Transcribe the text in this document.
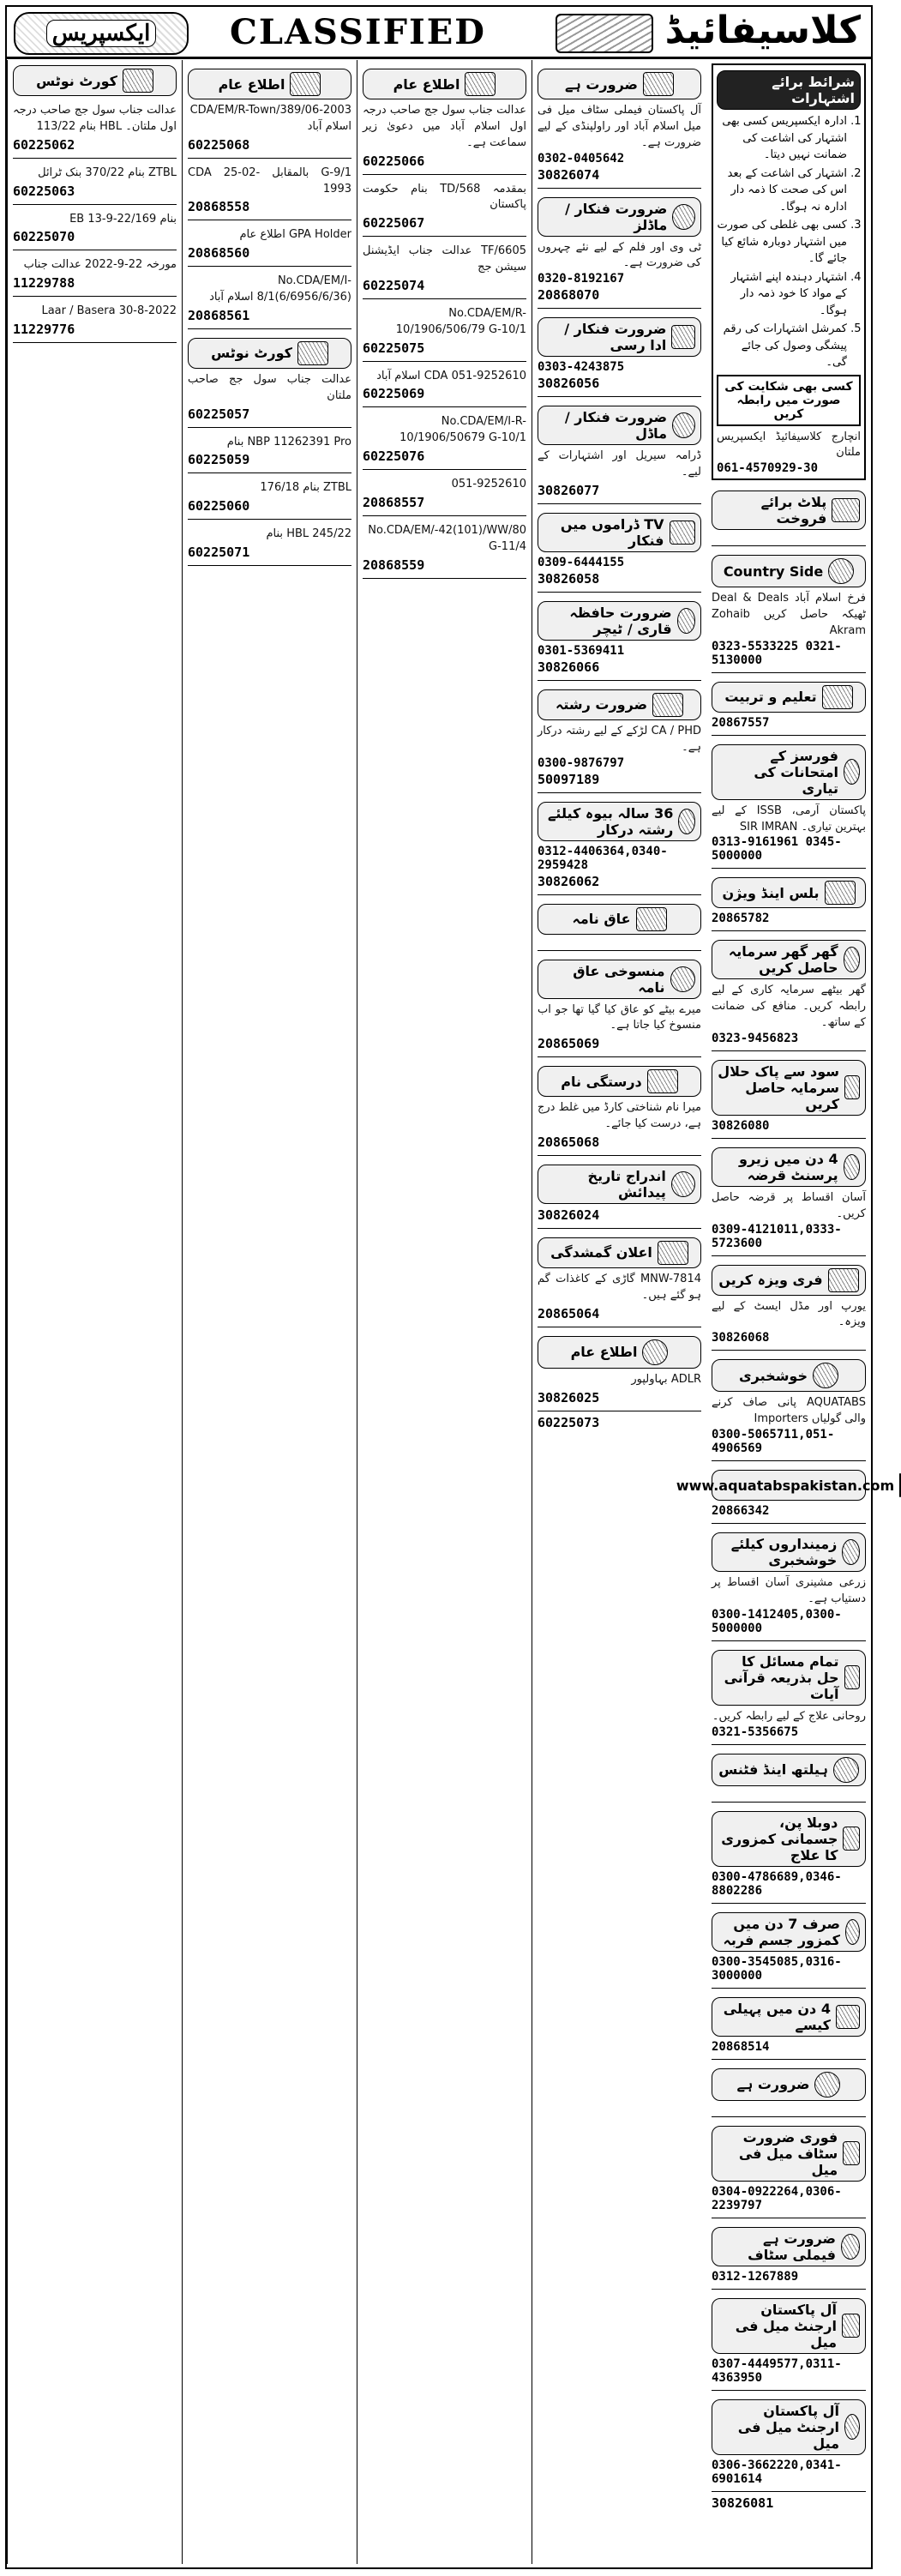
ایکسپریس CLASSIFIED	کلاسیفائیڈ
شرائط برائے اشتہارات
1. ادارہ ایکسپریس کسی بھی اشتہار کی اشاعت کی ضمانت نہیں دیتا۔
2. اشتہار کی اشاعت کے بعد اس کی صحت کا ذمہ دار ادارہ نہ ہوگا۔
3. کسی بھی غلطی کی صورت میں اشتہار دوبارہ شائع کیا جائے گا۔
4. اشتہار دہندہ اپنے اشتہار کے مواد کا خود ذمہ دار ہوگا۔
5. کمرشل اشتہارات کی رقم پیشگی وصول کی جائے گی۔
کسی بھی شکایت کی صورت میں رابطہ کریں
انچارج کلاسیفائیڈ ایکسپریس ملتان
061-4570929-30
پلاٹ برائے فروخت
Country Side
فرخ اسلام آباد Deal & Deals ٹھیکہ حاصل کریں Zohaib Akram
0323-5533225 0321-5130000
تعلیم و تربیت
20867557
فورسز کے امتحانات کی تیاری
پاکستان آرمی، ISSB کے لیے بہترین تیاری۔ SIR IMRAN
0313-9161961 0345-5000000
بلس اینڈ ویژن
20865782
گھر گھر سرمایہ حاصل کریں
گھر بیٹھے سرمایہ کاری کے لیے رابطہ کریں۔ منافع کی ضمانت کے ساتھ۔
0323-9456823
سود سے پاک حلال سرمایہ حاصل کریں
30826080
4 دن میں زیرو پرسنٹ قرضہ
آسان اقساط پر قرضہ حاصل کریں۔
0309-4121011,0333-5723600
فری ویزہ کریں
یورپ اور مڈل ایسٹ کے لیے ویزہ۔
30826068
خوشخبری
AQUATABS پانی صاف کرنے والی گولیاں Importers
0300-5065711,051-4906569
www.aquatabspakistan.com
20866342
زمینداروں کیلئے خوشخبری
زرعی مشینری آسان اقساط پر دستیاب ہے۔
0300-1412405,0300-5000000
تمام مسائل کا حل بذریعہ قرآنی آیات
روحانی علاج کے لیے رابطہ کریں۔
0321-5356675
ہیلتھ اینڈ فٹنس
دوبلا پن، جسمانی کمزوری کا علاج
0300-4786689,0346-8802286
صرف 7 دن میں کمزور جسم فربہ
0300-3545085,0316-3000000
4 دن میں پہیلی کیسے
20868514
ضرورت ہے
فوری ضرورت سٹاف میل فی میل
0304-0922264,0306-2239797
ضرورت ہے فیملی سٹاف
0312-1267889
آل پاکستان ارجنٹ میل فی میل
0307-4449577,0311-4363950
آل پاکستان ارجنٹ میل فی میل
0306-3662220,0341-6901614
30826081
ضرورت ہے
آل پاکستان فیملی سٹاف میل فی میل اسلام آباد اور راولپنڈی کے لیے ضرورت ہے۔
0302-0405642
30826074
ضرورت فنکار / ماڈلز
ٹی وی اور فلم کے لیے نئے چہروں کی ضرورت ہے۔
0320-8192167
20868070
ضرورت فنکار / ادا رسی
0303-4243875
30826056
ضرورت فنکار / ماڈل
ڈرامہ سیریل اور اشتہارات کے لیے۔
30826077
TV ڈراموں میں فنکار
0309-6444155
30826058
ضرورت حافظہ قاری / ٹیچر
0301-5369411
30826066
ضرورت رشتہ
CA / PHD لڑکے کے لیے رشتہ درکار ہے۔
0300-9876797
50097189
36 سالہ بیوہ کیلئے رشتہ درکار
0312-4406364,0340-2959428
30826062
عاق نامہ
منسوخی عاق نامہ
میرے بیٹے کو عاق کیا گیا تھا جو اب منسوخ کیا جاتا ہے۔
20865069
درستگی نام
میرا نام شناختی کارڈ میں غلط درج ہے، درست کیا جائے۔
20865068
اندراج تاریخ پیدائش
30826024
اعلان گمشدگی
MNW-7814 گاڑی کے کاغذات گم ہو گئے ہیں۔
20865064
اطلاع عام
ADLR بہاولپور
30826025
60225073
اطلاع عام
عدالت جناب سول جج صاحب درجہ اول اسلام آباد میں دعویٰ زیر سماعت ہے۔
60225066
بمقدمہ 568/TD بنام حکومت پاکستان
60225067
6605/TF عدالت جناب ایڈیشنل سیشن جج
60225074
No.CDA/EM/R-10/1906/506/79 G-10/1
60225075
051-9252610 CDA اسلام آباد
60225069
No.CDA/EM/I-R-10/1906/50679 G-10/1
60225076
051-9252610
20868557
No.CDA/EM/-42(101)/WW/80 G-11/4
20868559
اطلاع عام
CDA/EM/R-Town/389/06-2003 اسلام آباد
60225068
G-9/1 بالمقابل CDA 25-02-1993
20868558
GPA Holder اطلاع عام
20868560
No.CDA/EM/I-8/1(6/6956/6/36) اسلام آباد
20868561
کورٹ نوٹس
عدالت جناب سول جج صاحب ملتان
60225057
NBP 11262391 Pro بنام
60225059
ZTBL بنام 176/18
60225060
HBL 245/22 بنام
60225071
کورٹ نوٹس
عدالت جناب سول جج صاحب درجہ اول ملتان۔ HBL بنام 113/22
60225062
ZTBL بنام 370/22 بنک ٹرائل
60225063
بنام 169/EB 13-9-22
60225070
مورخہ 22-9-2022 عدالت جناب
11229788
Laar / Basera 30-8-2022
11229776
